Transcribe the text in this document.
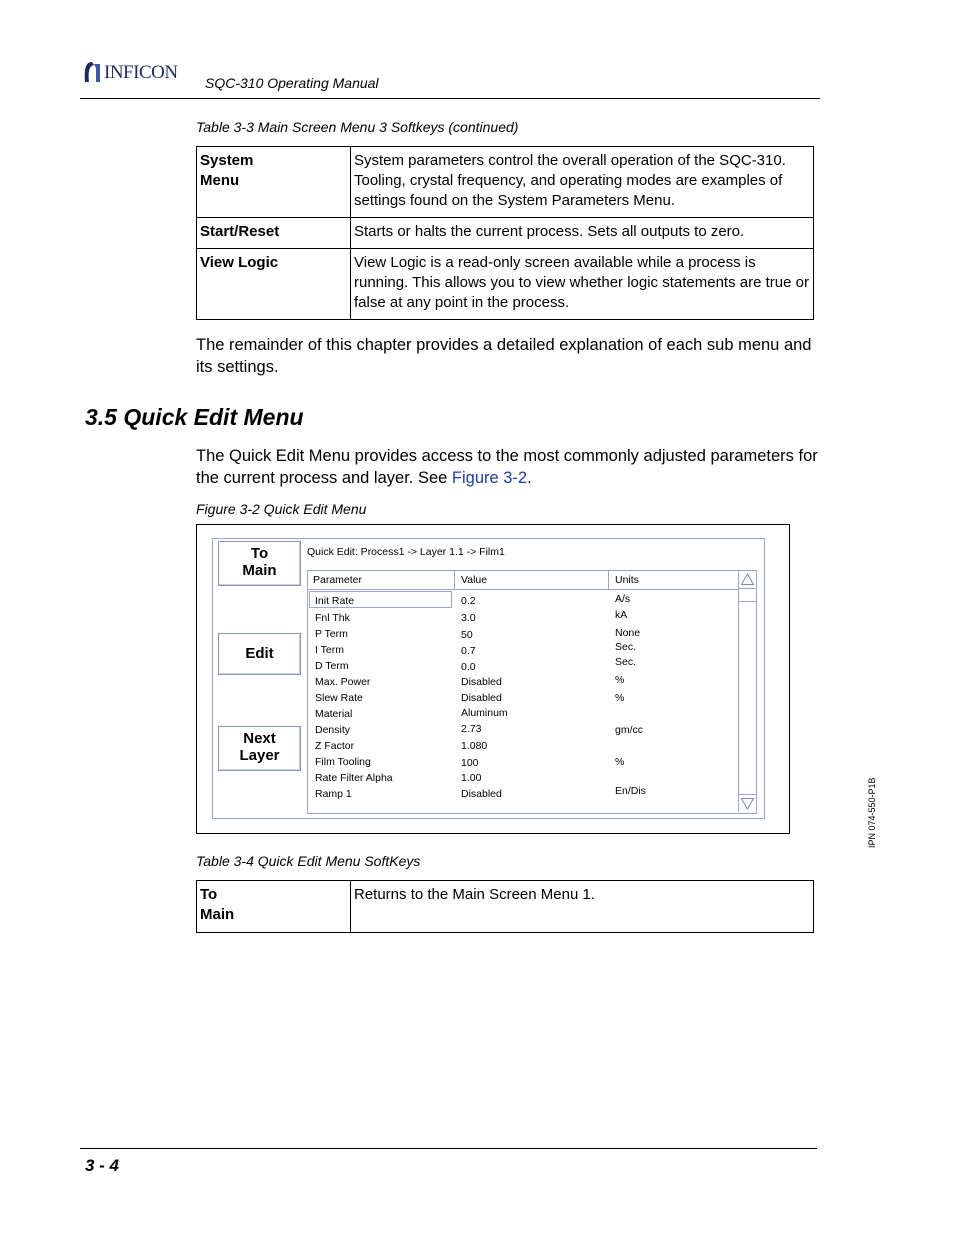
INFICON SQC-310 Operating Manual
Table 3-3 Main Screen Menu 3 Softkeys (continued)
System
Menu	System parameters control the overall operation of the SQC-310. Tooling, crystal frequency, and operating modes are examples of settings found on the System Parameters Menu.
Start/Reset	Starts or halts the current process. Sets all outputs to zero.
View Logic	View Logic is a read-only screen available while a process is running. This allows you to view whether logic statements are true or false at any point in the process.
The remainder of this chapter provides a detailed explanation of each sub menu and its settings.
3.5 Quick Edit Menu
The Quick Edit Menu provides access to the most commonly adjusted parameters for the current process and layer. See Figure 3-2.
Figure 3-2 Quick Edit Menu
To
Main
Edit
Next
Layer
Quick Edit: Process1 -> Layer 1.1 -> Film1
Parameter	Value	Units
Init Rate	0.2	A/s
Fnl Thk	3.0	kA
P Term	50	None
I Term	0.7	Sec.
D Term	0.0	Sec.
Max. Power	Disabled	%
Slew Rate	Disabled	%
Material	Aluminum
Density	2.73	gm/cc
Z Factor	1.080
Film Tooling	100	%
Rate Filter Alpha	1.00
Ramp 1	Disabled	En/Dis
Table 3-4 Quick Edit Menu SoftKeys
To
Main	Returns to the Main Screen Menu 1.
IPN 074-550-P1B
3 - 4
